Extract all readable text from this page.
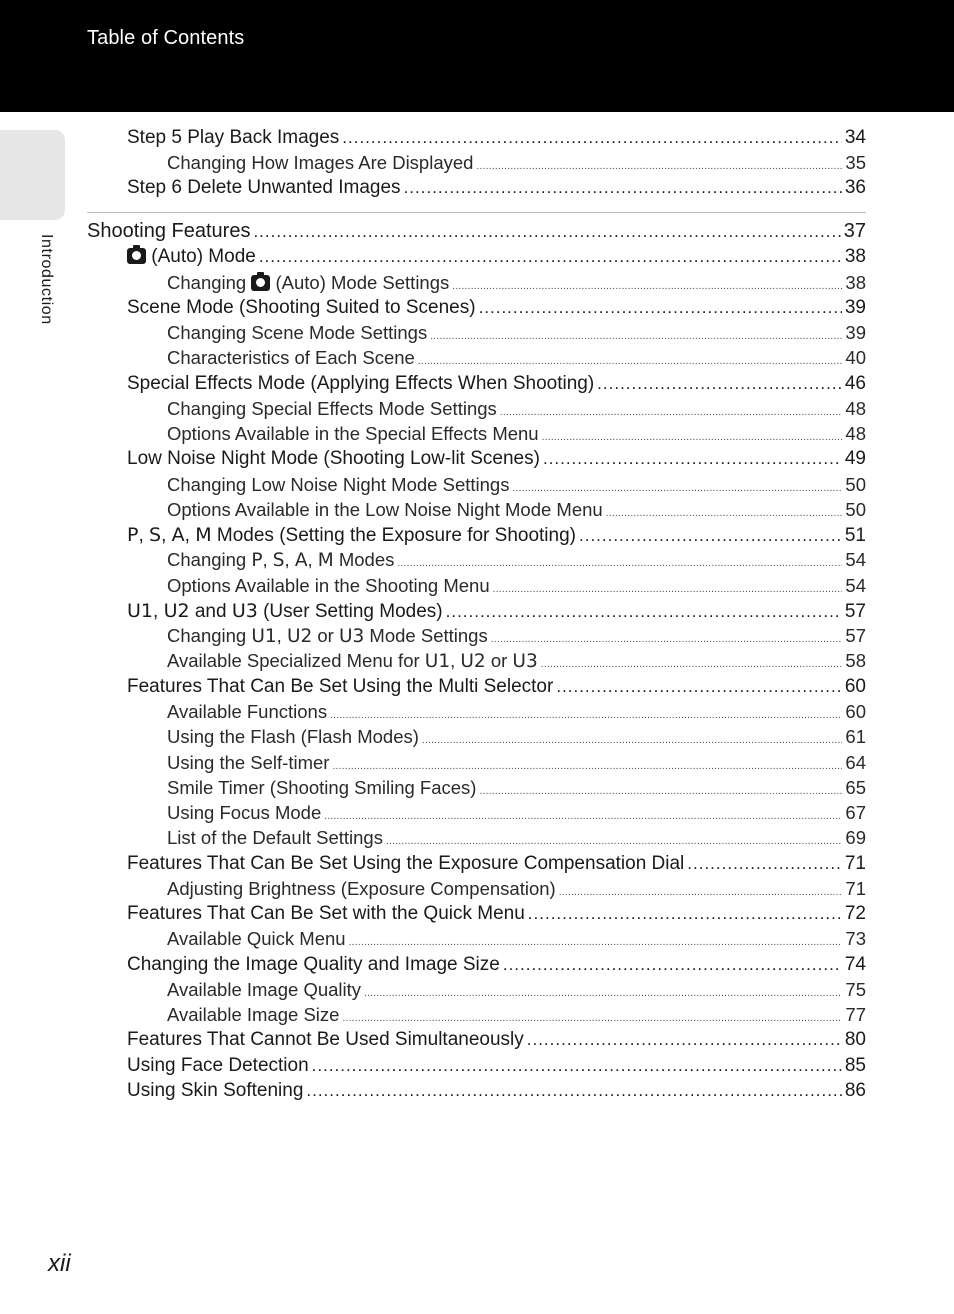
Table of Contents
Introduction
Step 5 Play Back Images .....	34
Changing How Images Are Displayed .....	35
Step 6 Delete Unwanted Images .....	36
Shooting Features .....	37
(Auto) Mode .....	38
Changing  (Auto) Mode Settings .....	38
Scene Mode (Shooting Suited to Scenes) .....	39
Changing Scene Mode Settings .....	39
Characteristics of Each Scene .....	40
Special Effects Mode (Applying Effects When Shooting) .....	46
Changing Special Effects Mode Settings .....	48
Options Available in the Special Effects Menu .....	48
Low Noise Night Mode (Shooting Low-lit Scenes) .....	49
Changing Low Noise Night Mode Settings .....	50
Options Available in the Low Noise Night Mode Menu .....	50
P, S, A, M Modes (Setting the Exposure for Shooting) .....	51
Changing P, S, A, M Modes .....	54
Options Available in the Shooting Menu .....	54
U1, U2 and U3 (User Setting Modes) .....	57
Changing U1, U2 or U3 Mode Settings .....	57
Available Specialized Menu for U1, U2 or U3 .....	58
Features That Can Be Set Using the Multi Selector .....	60
Available Functions .....	60
Using the Flash (Flash Modes) .....	61
Using the Self-timer .....	64
Smile Timer (Shooting Smiling Faces) .....	65
Using Focus Mode .....	67
List of the Default Settings .....	69
Features That Can Be Set Using the Exposure Compensation Dial .....	71
Adjusting Brightness (Exposure Compensation) .....	71
Features That Can Be Set with the Quick Menu .....	72
Available Quick Menu .....	73
Changing the Image Quality and Image Size .....	74
Available Image Quality .....	75
Available Image Size .....	77
Features That Cannot Be Used Simultaneously .....	80
Using Face Detection .....	85
Using Skin Softening .....	86
xii
